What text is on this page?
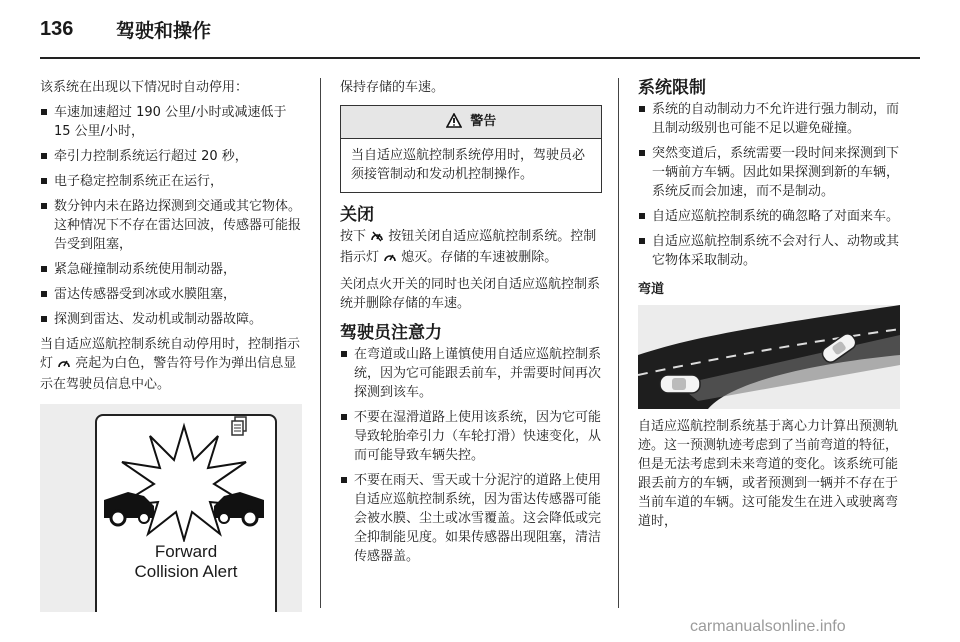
136 驾驶和操作

该系统在出现以下情况时自动停用：

车速加速超过 190 公里/小时或减速低于 15 公里/小时，
牵引力控制系统运行超过 20 秒，
电子稳定控制系统正在运行，
数分钟内未在路边探测到交通或其它物体。这种情况下不存在雷达回波，传感器可能报告受到阻塞，
紧急碰撞制动系统使用制动器，
雷达传感器受到冰或水膜阻塞，
探测到雷达、发动机或制动器故障。

当自适应巡航控制系统自动停用时，控制指示灯 亮起为白色，警告符号作为弹出信息显示在驾驶员信息中心。

Forward
Collision Alert

保持存储的车速。

警告
当自适应巡航控制系统停用时，驾驶员必须接管制动和发动机控制操作。
关闭

按下 按钮关闭自适应巡航控制系统。控制指示灯 熄灭。存储的车速被删除。

关闭点火开关的同时也关闭自适应巡航控制系统并删除存储的车速。

驾驶员注意力
在弯道或山路上谨慎使用自适应巡航控制系统，因为它可能跟丢前车，并需要时间再次探测到该车。
不要在湿滑道路上使用该系统，因为它可能导致轮胎牵引力（车轮打滑）快速变化，从而可能导致车辆失控。
不要在雨天、雪天或十分泥泞的道路上使用自适应巡航控制系统，因为雷达传感器可能会被水膜、尘土或冰雪覆盖。这会降低或完全抑制能见度。如果传感器出现阻塞，清洁传感器盖。
系统限制
系统的自动制动力不允许进行强力制动，而且制动级别也可能不足以避免碰撞。
突然变道后，系统需要一段时间来探测到下一辆前方车辆。因此如果探测到新的车辆，系统反而会加速，而不是制动。
自适应巡航控制系统的确忽略了对面来车。
自适应巡航控制系统不会对行人、动物或其它物体采取制动。
弯道

自适应巡航控制系统基于离心力计算出预测轨迹。这一预测轨迹考虑到了当前弯道的特征，但是无法考虑到未来弯道的变化。该系统可能跟丢前方的车辆，或者预测到一辆并不存在于当前车道的车辆。这可能发生在进入或驶离弯道时，

carmanualsonline.info
